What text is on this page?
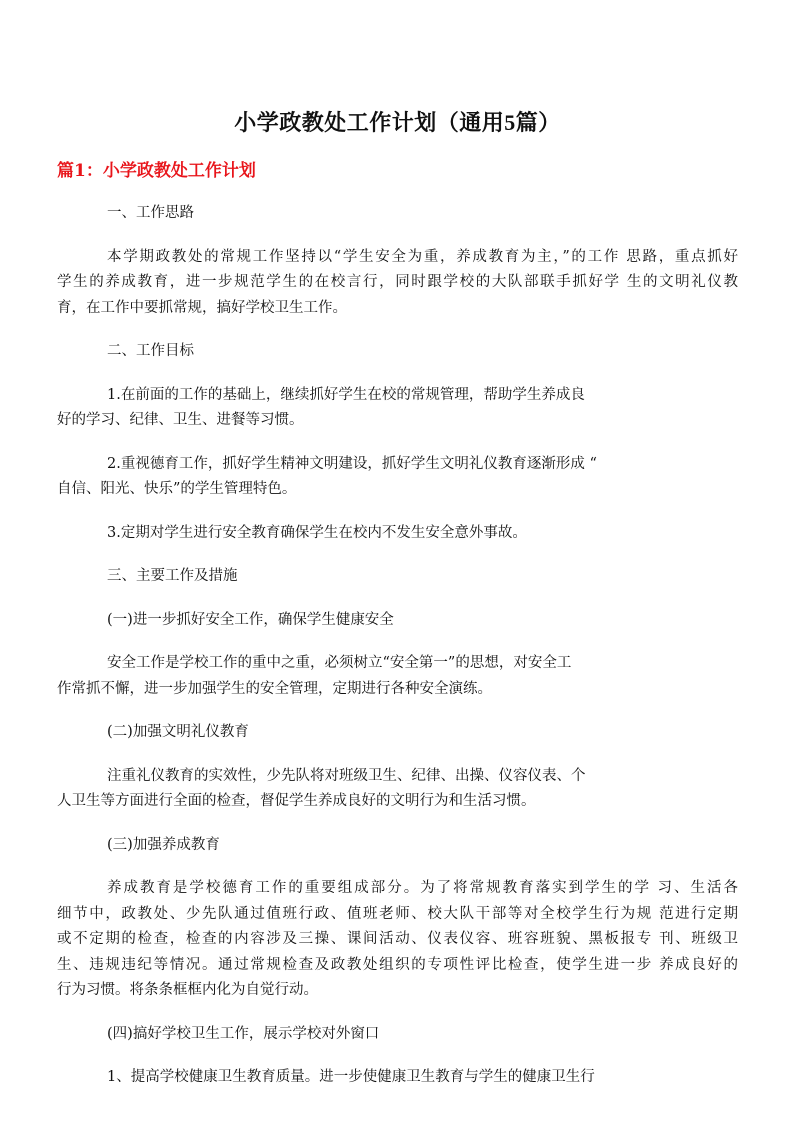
小学政教处工作计划（通用5篇）
篇1：小学政教处工作计划
一、工作思路
本学期政教处的常规工作坚持以“学生安全为重，养成教育为主，”的工作 思路，重点抓好
学生的养成教育，进一步规范学生的在校言行，同时跟学校的大队部联手抓好学 生的文明礼仪教
育，在工作中要抓常规，搞好学校卫生工作。
二、工作目标
1.在前面的工作的基础上，继续抓好学生在校的常规管理，帮助学生养成良
好的学习、纪律、卫生、进餐等习惯。
2.重视德育工作，抓好学生精神文明建设，抓好学生文明礼仪教育逐渐形成 “
自信、阳光、快乐”的学生管理特色。
3.定期对学生进行安全教育确保学生在校内不发生安全意外事故。
三、主要工作及措施
(一)进一步抓好安全工作，确保学生健康安全
安全工作是学校工作的重中之重，必须树立“安全第一”的思想，对安全工
作常抓不懈，进一步加强学生的安全管理，定期进行各种安全演练。
(二)加强文明礼仪教育
注重礼仪教育的实效性，少先队将对班级卫生、纪律、出操、仪容仪表、个
人卫生等方面进行全面的检查，督促学生养成良好的文明行为和生活习惯。
(三)加强养成教育
养成教育是学校德育工作的重要组成部分。为了将常规教育落实到学生的学 习、生活各
细节中，政教处、少先队通过值班行政、值班老师、校大队干部等对全校学生行为规 范进行定期
或不定期的检查，检查的内容涉及三操、课间活动、仪表仪容、班容班貌、黑板报专 刊、班级卫
生、违规违纪等情况。通过常规检查及政教处组织的专项性评比检查，使学生进一步 养成良好的
行为习惯。将条条框框内化为自觉行动。
(四)搞好学校卫生工作，展示学校对外窗口
1、提高学校健康卫生教育质量。进一步使健康卫生教育与学生的健康卫生行
